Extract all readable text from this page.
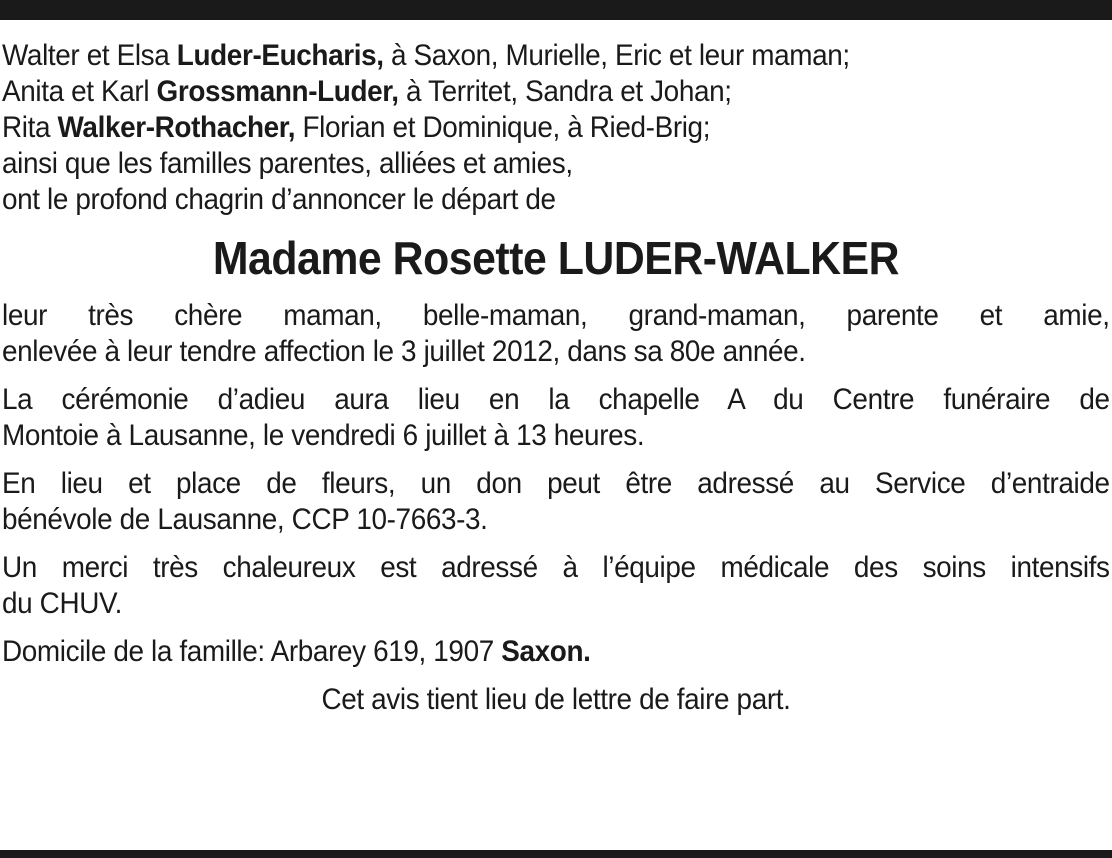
Walter et Elsa Luder-Eucharis, à Saxon, Murielle, Eric et leur maman;

Anita et Karl Grossmann-Luder, à Territet, Sandra et Johan;

Rita Walker-Rothacher, Florian et Dominique, à Ried-Brig;

ainsi que les familles parentes, alliées et amies,

ont le profond chagrin d’annoncer le départ de

Madame Rosette LUDER-WALKER
leur très chère maman, belle-maman, grand-maman, parente et amie,
enlevée à leur tendre affection le 3 juillet 2012, dans sa 80e année.
La cérémonie d’adieu aura lieu en la chapelle A du Centre funéraire de
Montoie à Lausanne, le vendredi 6 juillet à 13 heures.
En lieu et place de fleurs, un don peut être adressé au Service d’entraide
bénévole de Lausanne, CCP 10-7663-3.
Un merci très chaleureux est adressé à l’équipe médicale des soins intensifs
du CHUV.
Domicile de la famille: Arbarey 619, 1907 Saxon.

Cet avis tient lieu de lettre de faire part.
